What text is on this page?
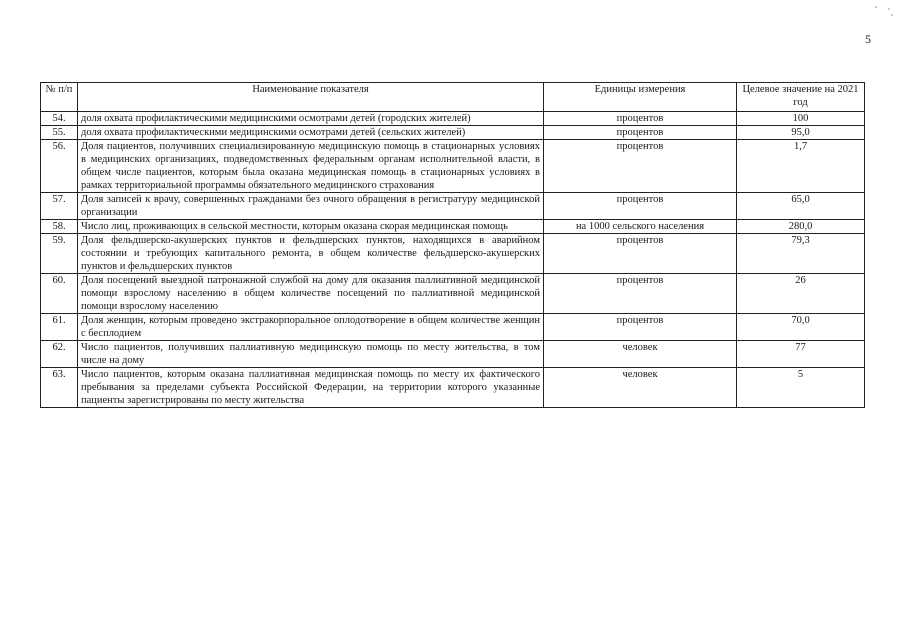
5
№ п/п	Наименование показателя	Единицы измерения	Целевое значение на 2021 год
54.	доля охвата профилактическими медицинскими осмотрами детей (городских жителей)	процентов	100
55.	доля охвата профилактическими медицинскими осмотрами детей (сельских жителей)	процентов	95,0
56.	Доля пациентов, получивших специализированную медицинскую помощь в стационарных условиях в медицинских организациях, подведомственных федеральным органам исполнительной власти, в общем числе пациентов, которым была оказана медицинская помощь в стационарных условиях в рамках территориальной программы обязательного медицинского страхования	процентов	1,7
57.	Доля записей к врачу, совершенных гражданами без очного обращения в регистратуру медицинской организации	процентов	65,0
58.	Число лиц, проживающих в сельской местности, которым оказана скорая медицинская помощь	на 1000 сельского населения	280,0
59.	Доля фельдшерско-акушерских пунктов и фельдшерских пунктов, находящихся в аварийном состоянии и требующих капитального ремонта, в общем количестве фельдшерско-акушерских пунктов и фельдшерских пунктов	процентов	79,3
60.	Доля посещений выездной патронажной службой на дому для оказания паллиативной медицинской помощи взрослому населению в общем количестве посещений по паллиативной медицинской помощи взрослому населению	процентов	26
61.	Доля женщин, которым проведено экстракорпоральное оплодотворение в общем количестве женщин с бесплодием	процентов	70,0
62.	Число пациентов, получивших паллиативную медицинскую помощь по месту жительства, в том числе на дому	человек	77
63.	Число пациентов, которым оказана паллиативная медицинская помощь по месту их фактического пребывания за пределами субъекта Российской Федерации, на территории которого указанные пациенты зарегистрированы по месту жительства	человек	5
